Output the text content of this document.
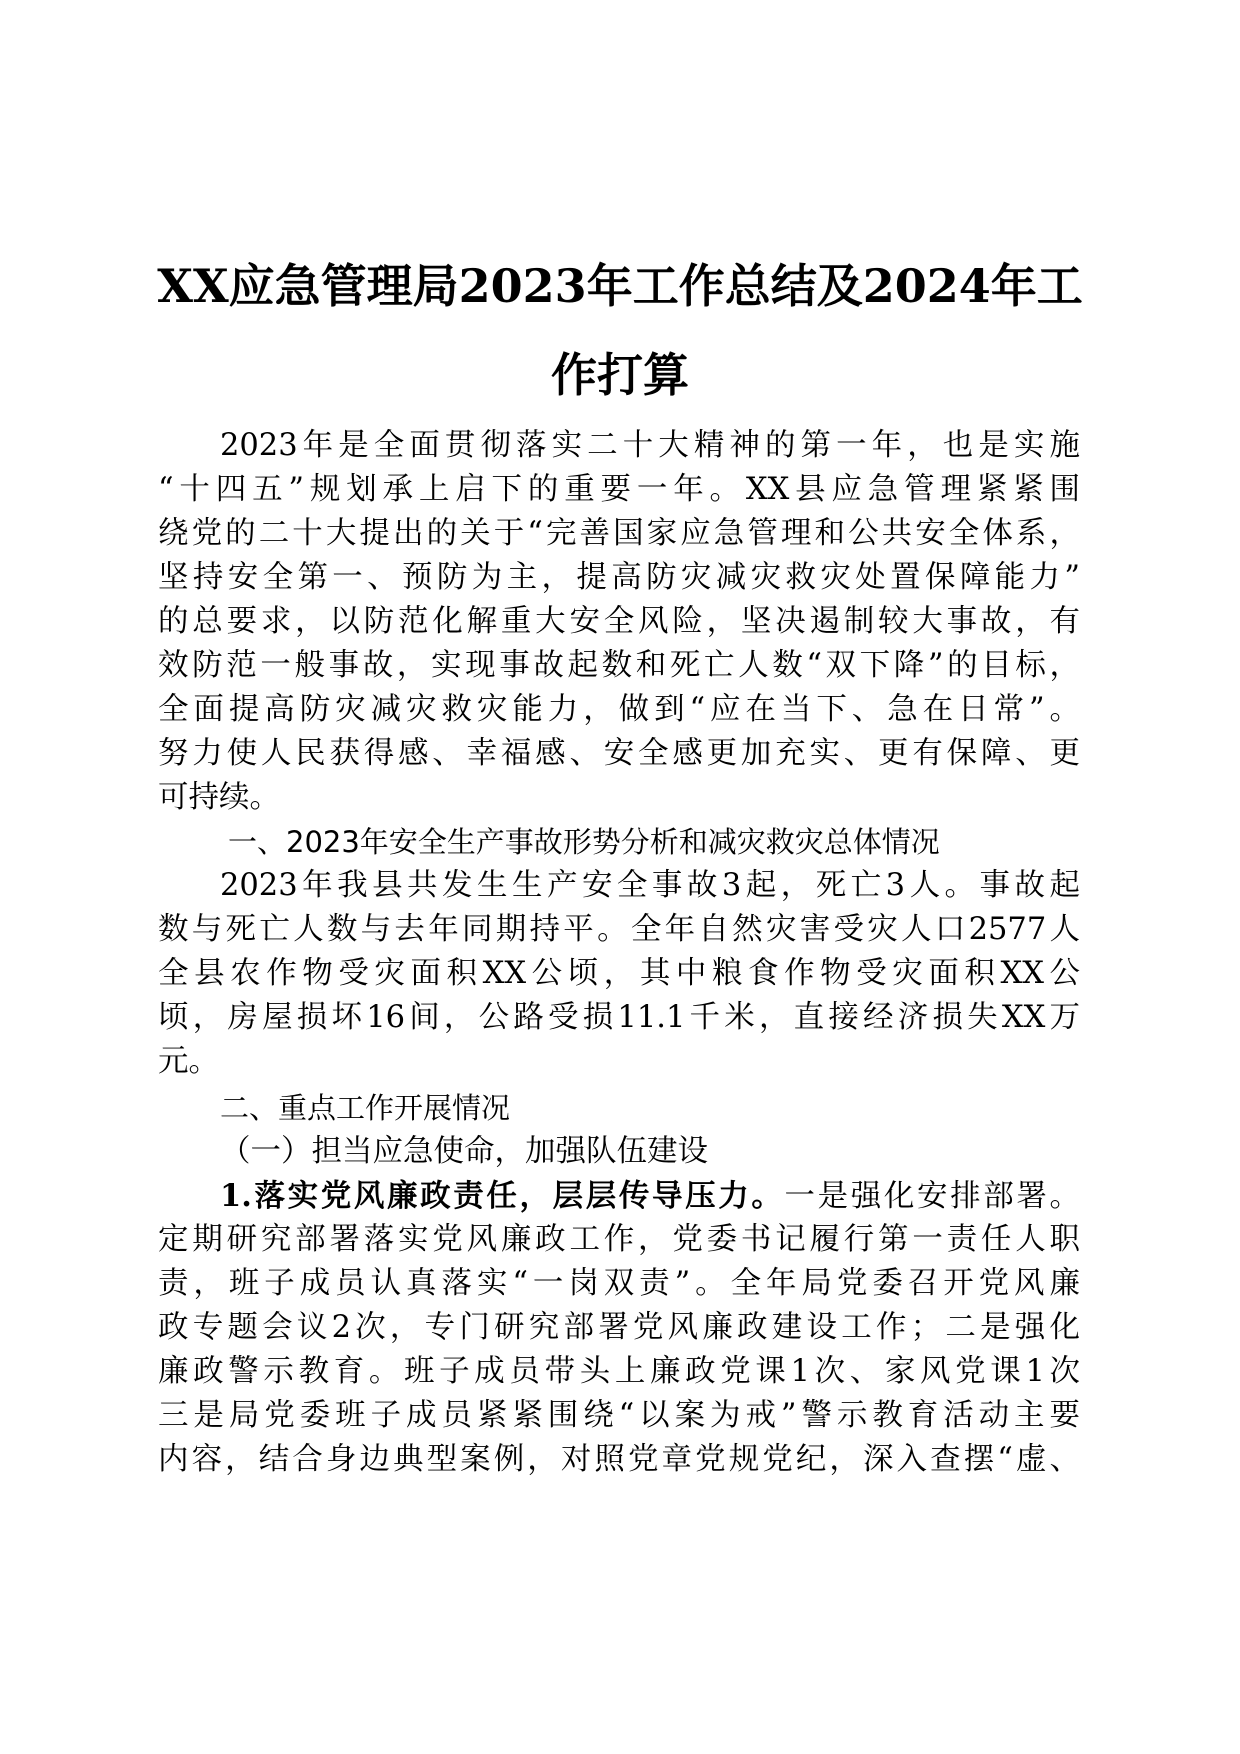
XX应急管理局2023年工作总结及2024年工
作打算
2023年是全面贯彻落实二十大精神的第一年，也是实施
“十四五”规划承上启下的重要一年。XX县应急管理紧紧围
绕党的二十大提出的关于“完善国家应急管理和公共安全体系，
坚持安全第一、预防为主，提高防灾减灾救灾处置保障能力”
的总要求，以防范化解重大安全风险，坚决遏制较大事故，有
效防范一般事故，实现事故起数和死亡人数“双下降”的目标，
全面提高防灾减灾救灾能力，做到“应在当下、急在日常”。
努力使人民获得感、幸福感、安全感更加充实、更有保障、更
可持续。
一、2023年安全生产事故形势分析和减灾救灾总体情况
2023年我县共发生生产安全事故3起，死亡3人。事故起
数与死亡人数与去年同期持平。全年自然灾害受灾人口2577人
全县农作物受灾面积XX公顷，其中粮食作物受灾面积XX公
顷，房屋损坏16间，公路受损11.1千米，直接经济损失XX万
元。
二、重点工作开展情况
（一）担当应急使命，加强队伍建设
1.落实党风廉政责任，层层传导压力。一是强化安排部署。
定期研究部署落实党风廉政工作，党委书记履行第一责任人职
责，班子成员认真落实“一岗双责”。全年局党委召开党风廉
政专题会议2次，专门研究部署党风廉政建设工作；二是强化
廉政警示教育。班子成员带头上廉政党课1次、家风党课1次
三是局党委班子成员紧紧围绕“以案为戒”警示教育活动主要
内容，结合身边典型案例，对照党章党规党纪，深入查摆“虚、
